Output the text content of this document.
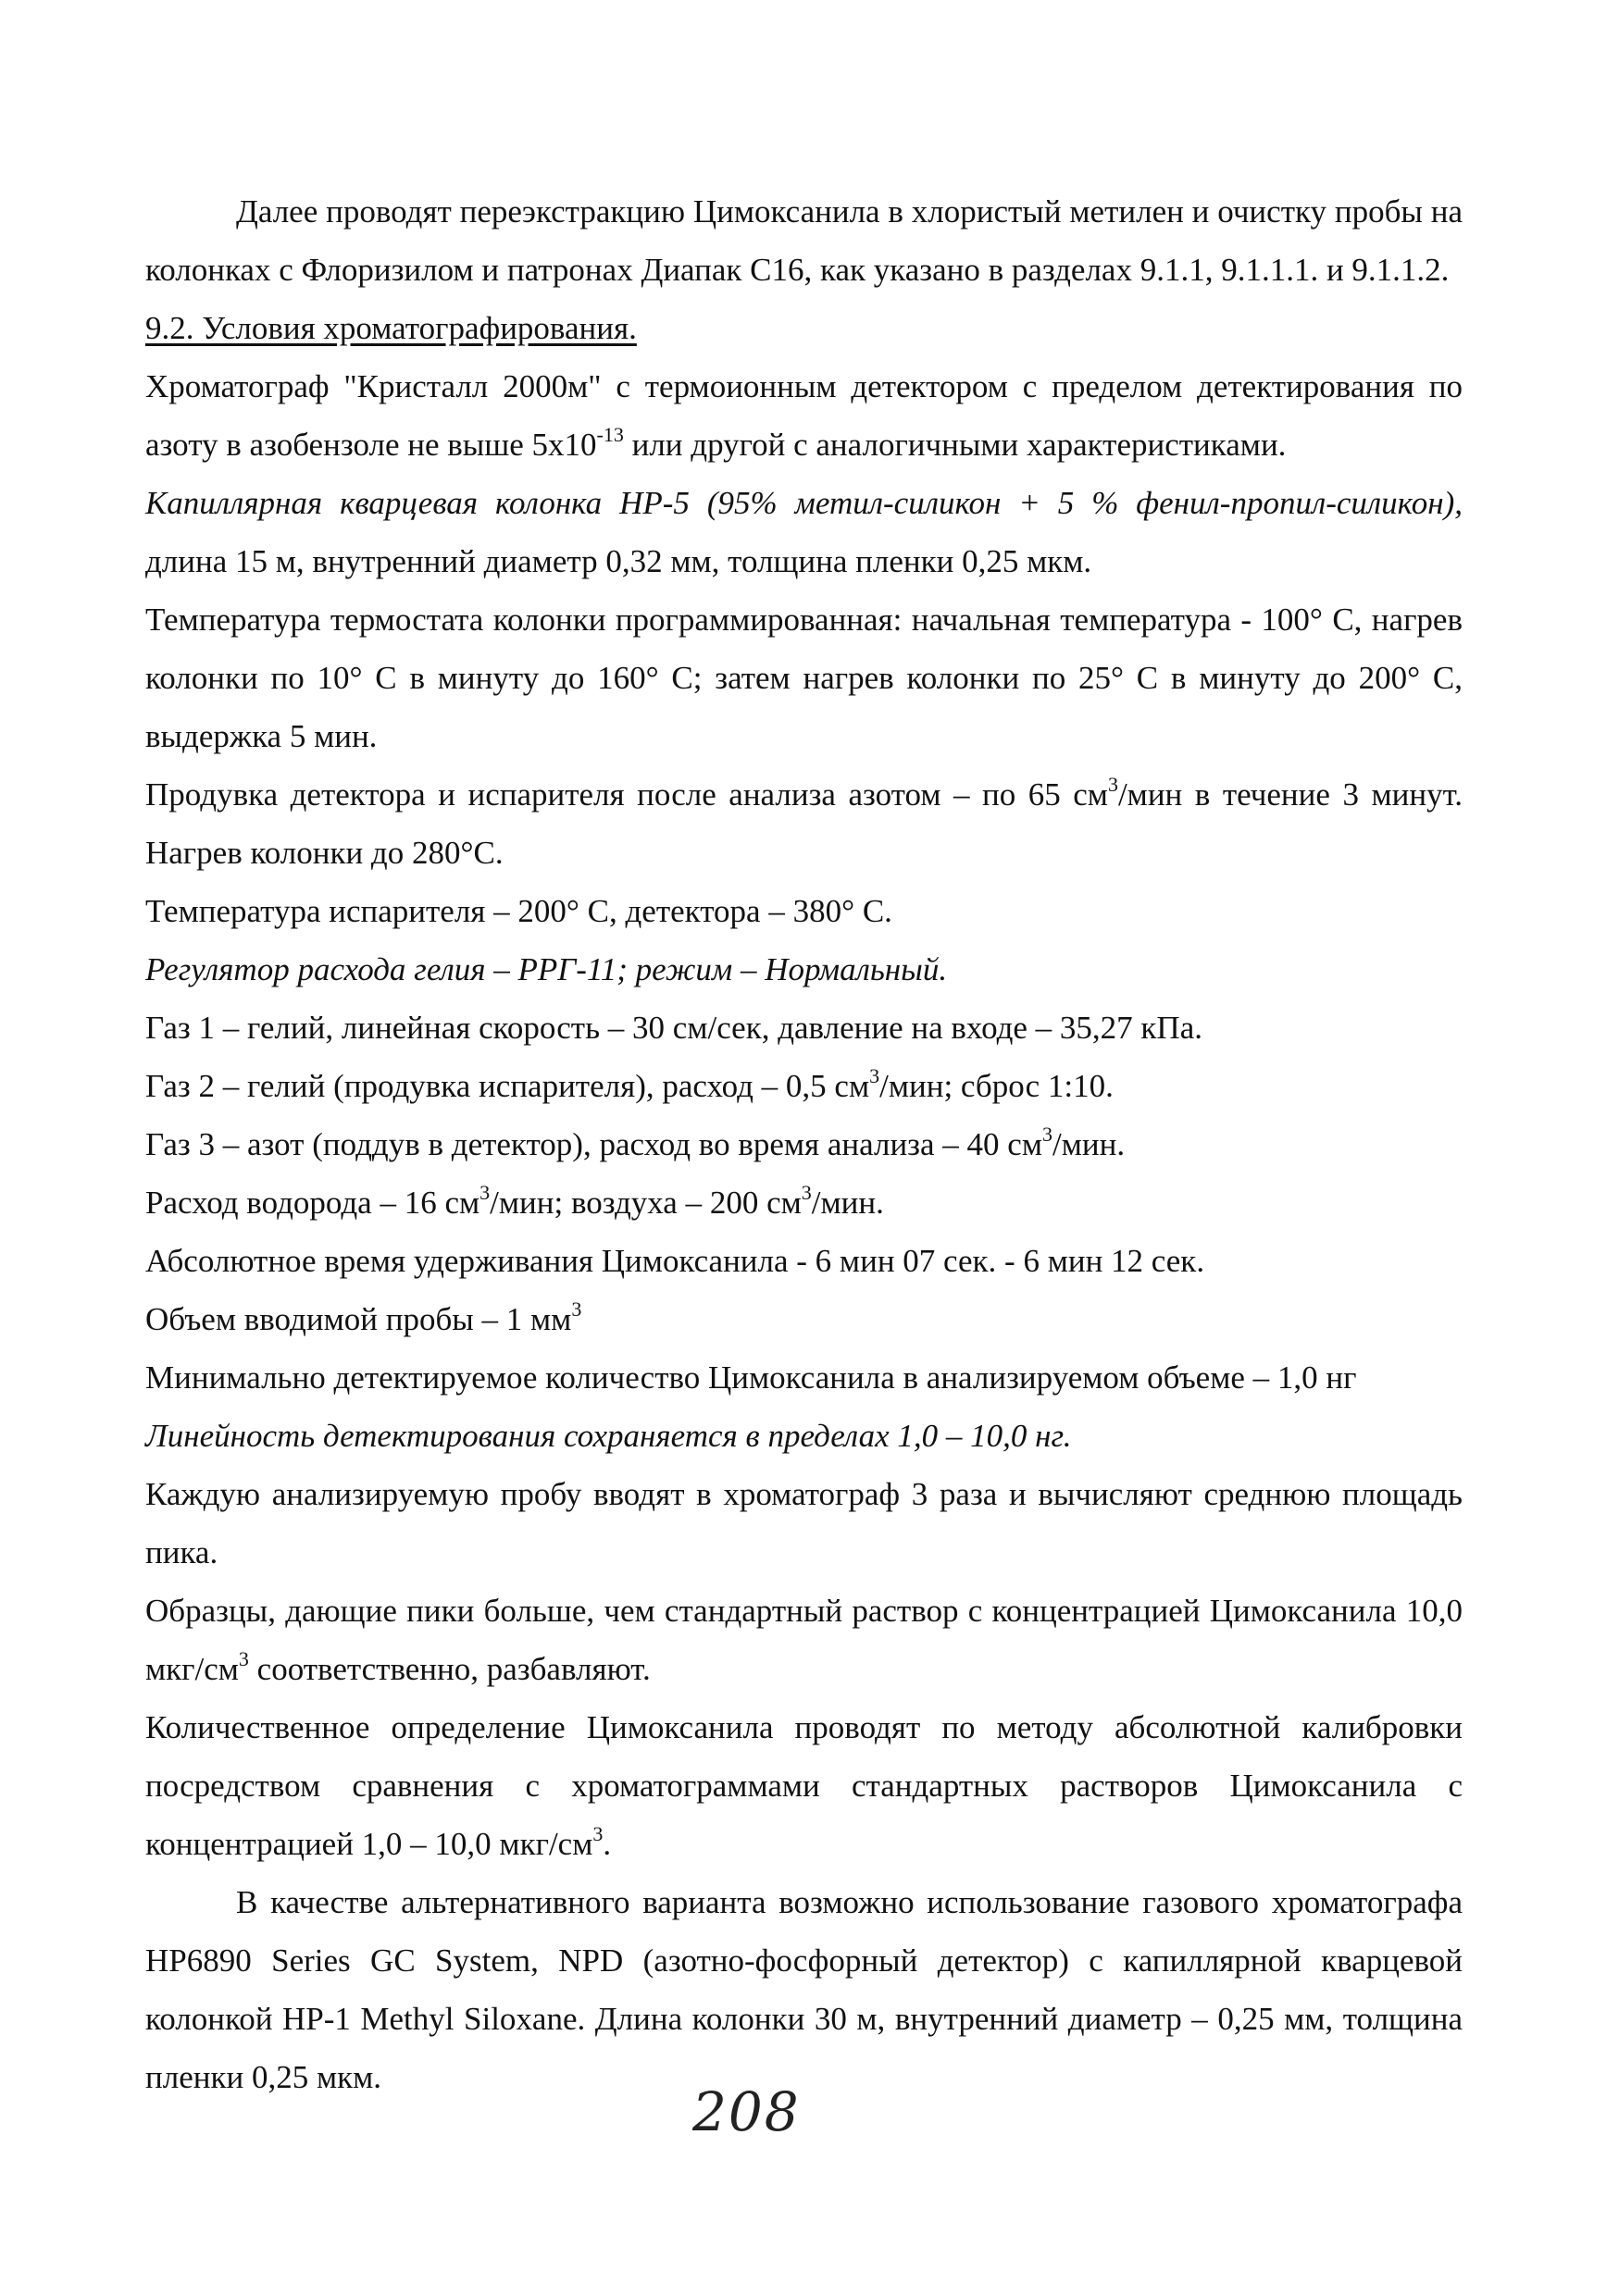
Далее проводят переэкстракцию Цимоксанила в хлористый метилен и очистку пробы на колонках с Флоризилом и патронах Диапак С16, как указано в разделах 9.1.1, 9.1.1.1. и 9.1.1.2.

9.2. Условия хроматографирования.

Хроматограф "Кристалл 2000м" с термоионным детектором с пределом детектирования по азоту в азобензоле не выше $5x10^{-13}$ или другой с аналогичными характеристиками.

Капиллярная кварцевая колонка HP-5 (95% метил-силикон + 5 % фенил-пропил-силикон), длина 15 м, внутренний диаметр 0,32 мм, толщина пленки 0,25 мкм.

Температура термостата колонки программированная: начальная температура - 100° С, нагрев колонки по 10° С в минуту до 160° С; затем нагрев колонки по 25° С в минуту до 200° С, выдержка 5 мин.

Продувка детектора и испарителя после анализа азотом – по 65 $см^3$/мин в течение 3 минут. Нагрев колонки до 280°С.

Температура испарителя – 200° С, детектора – 380° С.

Регулятор расхода гелия – РРГ-11; режим – Нормальный.

Газ 1 – гелий, линейная скорость – 30 см/сек, давление на входе – 35,27 кПа.

Газ 2 – гелий (продувка испарителя), расход – 0,5 $см^3$/мин; сброс 1:10.

Газ 3 – азот (поддув в детектор), расход во время анализа – 40 $см^3$/мин.

Расход водорода – 16 $см^3$/мин; воздуха – 200 $см^3$/мин.

Абсолютное время удерживания Цимоксанила - 6 мин 07 сек. - 6 мин 12 сек.

Объем вводимой пробы – 1 $мм^3$

Минимально детектируемое количество Цимоксанила в анализируемом объеме – 1,0 нг

Линейность детектирования сохраняется в пределах 1,0 – 10,0 нг.

Каждую анализируемую пробу вводят в хроматограф 3 раза и вычисляют среднюю площадь пика.

Образцы, дающие пики больше, чем стандартный раствор с концентрацией Цимоксанила 10,0 мкг/$см^3$ соответственно, разбавляют.

Количественное определение Цимоксанила проводят по методу абсолютной калибровки посредством сравнения с хроматограммами стандартных растворов Цимоксанила с концентрацией 1,0 – 10,0 мкг/$см^3$.

В качестве альтернативного варианта возможно использование газового хроматографа HP6890 Series GC System, NPD (азотно-фосфорный детектор) с капиллярной кварцевой колонкой HP-1 Methyl Siloxane. Длина колонки 30 м, внутренний диаметр – 0,25 мм, толщина пленки 0,25 мкм.

208
